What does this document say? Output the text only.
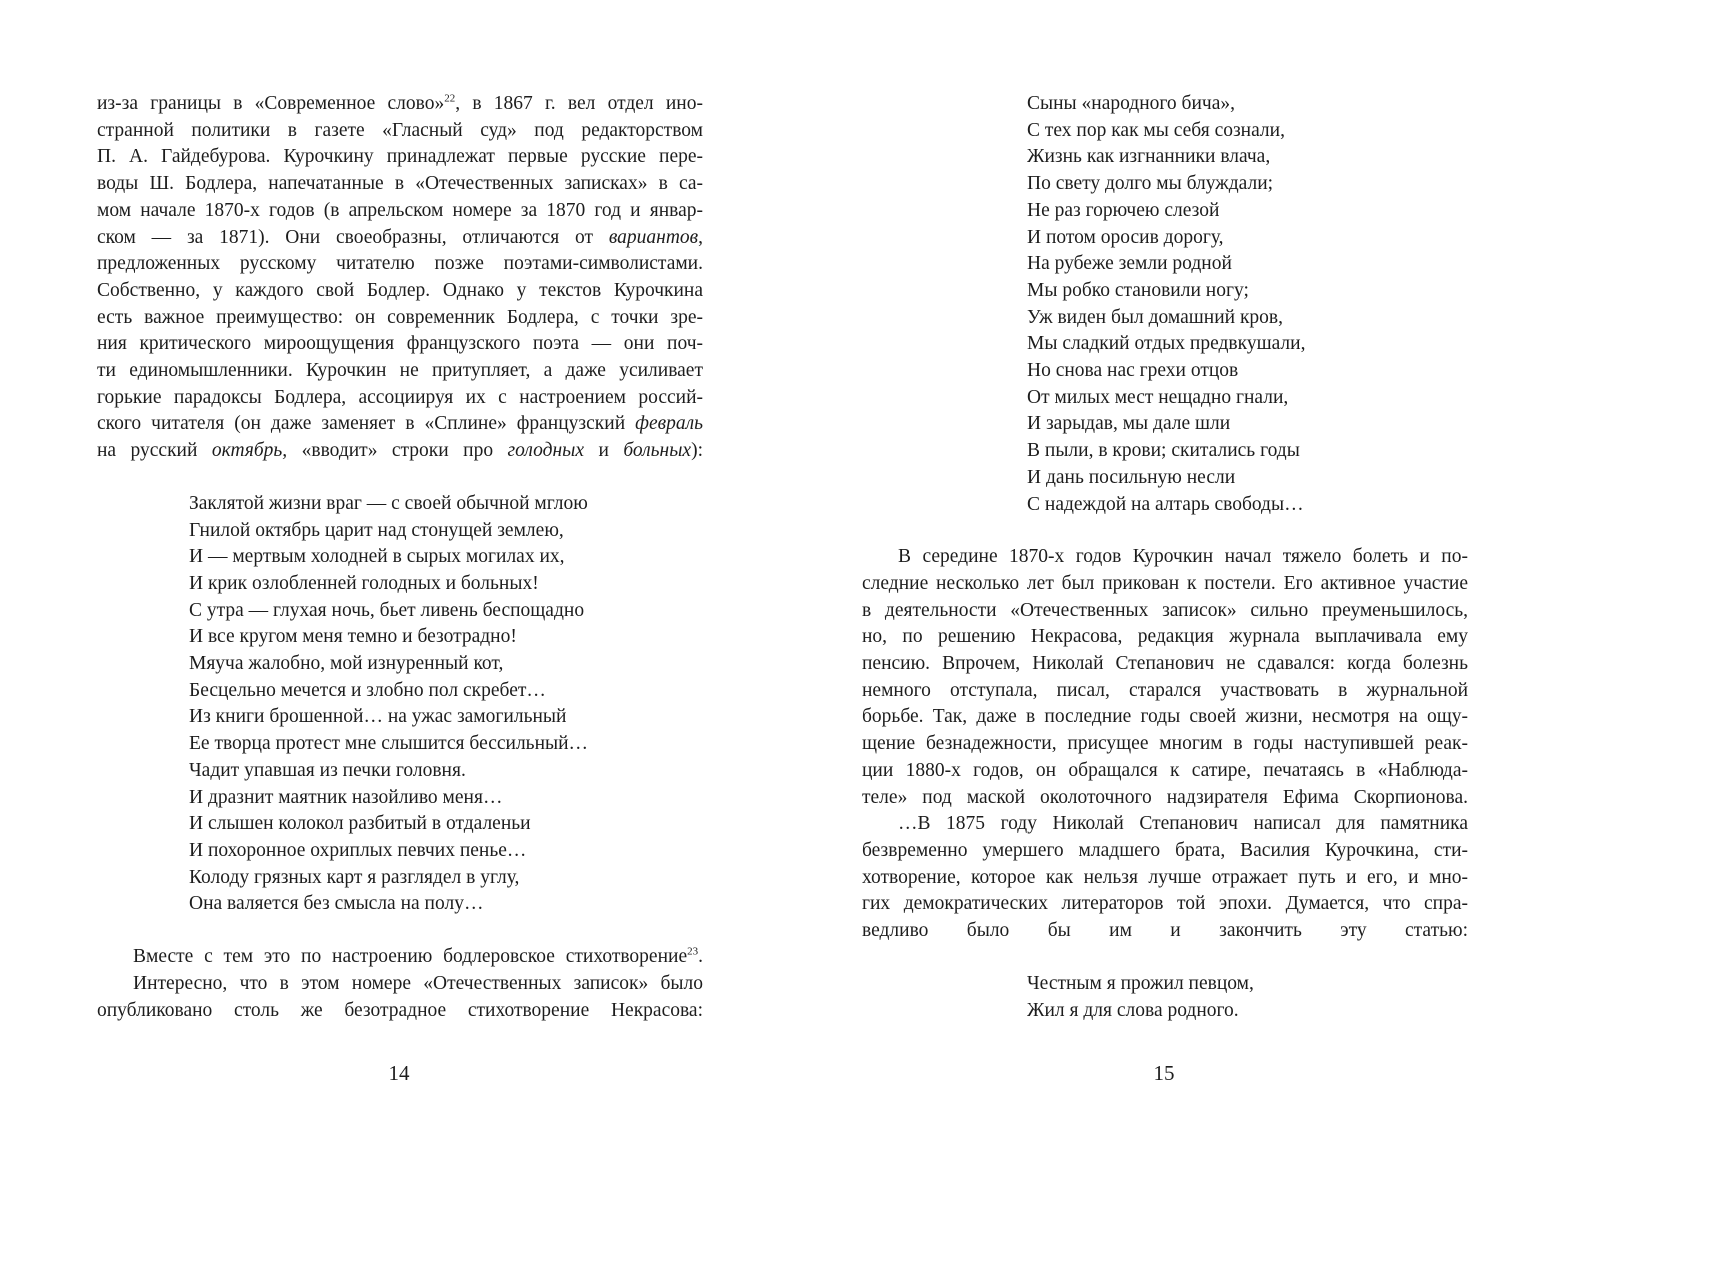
из-за границы в «Современное слово»$^{22}$, в 1867 г. вел отдел ино-
странной политики в газете «Гласный суд» под редакторством
П. А. Гайдебурова. Курочкину принадлежат первые русские пере-
воды Ш. Бодлера, напечатанные в «Отечественных записках» в са-
мом начале 1870-х годов (в апрельском номере за 1870 год и январ-
ском — за 1871). Они своеобразны, отличаются от вариантов,
предложенных русскому читателю позже поэтами-символистами.
Собственно, у каждого свой Бодлер. Однако у текстов Курочкина
есть важное преимущество: он современник Бодлера, с точки зре-
ния критического мироощущения французского поэта — они поч-
ти единомышленники. Курочкин не притупляет, а даже усиливает
горькие парадоксы Бодлера, ассоциируя их с настроением россий-
ского читателя (он даже заменяет в «Сплине» французский февраль
на русский октябрь, «вводит» строки про голодных и больных):
Заклятой жизни враг — с своей обычной мглою
Гнилой октябрь царит над стонущей землею,
И — мертвым холодней в сырых могилах их,
И крик озлобленней голодных и больных!
С утра — глухая ночь, бьет ливень беспощадно
И все кругом меня темно и безотрадно!
Мяуча жалобно, мой изнуренный кот,
Бесцельно мечется и злобно пол скребет…
Из книги брошенной… на ужас замогильный
Ее творца протест мне слышится бессильный…
Чадит упавшая из печки головня.
И дразнит маятник назойливо меня…
И слышен колокол разбитый в отдаленьи
И похоронное охриплых певчих пенье…
Колоду грязных карт я разглядел в углу,
Она валяется без смысла на полу…
Вместе с тем это по настроению бодлеровское стихотворение$^{23}$.
Интересно, что в этом номере «Отечественных записок» было
опубликовано столь же безотрадное стихотворение Некрасова:
14
Сыны «народного бича»,
С тех пор как мы себя сознали,
Жизнь как изгнанники влача,
По свету долго мы блуждали;
Не раз горючею слезой
И потом оросив дорогу,
На рубеже земли родной
Мы робко становили ногу;
Уж виден был домашний кров,
Мы сладкий отдых предвкушали,
Но снова нас грехи отцов
От милых мест нещадно гнали,
И зарыдав, мы дале шли
В пыли, в крови; скитались годы
И дань посильную несли
С надеждой на алтарь свободы…
В середине 1870-х годов Курочкин начал тяжело болеть и по-
следние несколько лет был прикован к постели. Его активное участие
в деятельности «Отечественных записок» сильно преуменьшилось,
но, по решению Некрасова, редакция журнала выплачивала ему
пенсию. Впрочем, Николай Степанович не сдавался: когда болезнь
немного отступала, писал, старался участвовать в журнальной
борьбе. Так, даже в последние годы своей жизни, несмотря на ощу-
щение безнадежности, присущее многим в годы наступившей реак-
ции 1880-х годов, он обращался к сатире, печатаясь в «Наблюда-
теле» под маской околоточного надзирателя Ефима Скорпионова.
…В 1875 году Николай Степанович написал для памятника
безвременно умершего младшего брата, Василия Курочкина, сти-
хотворение, которое как нельзя лучше отражает путь и его, и мно-
гих демократических литераторов той эпохи. Думается, что спра-
ведливо было бы им и закончить эту статью:
Честным я прожил певцом,
Жил я для слова родного.
15
